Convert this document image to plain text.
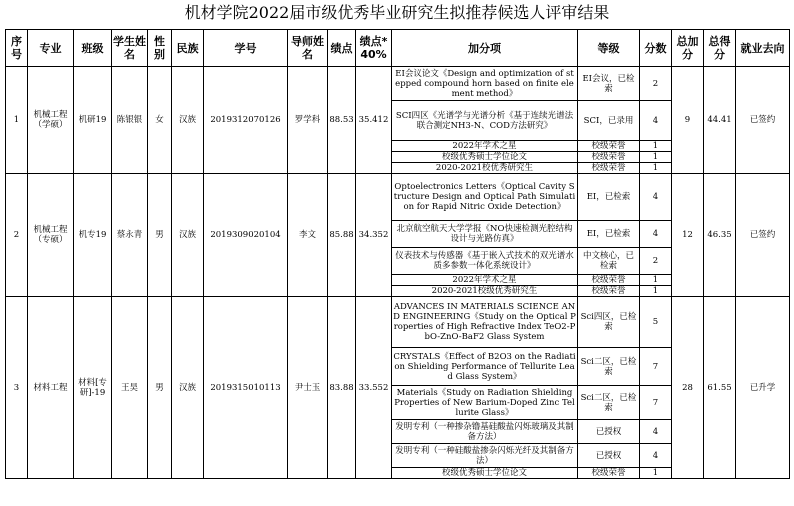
机材学院2022届市级优秀毕业研究生拟推荐候选人评审结果
序号	专业	班级	学生姓名	性别	民族	学号	导师姓名	绩点	绩点*40%	加分项	等级	分数	总加分	总得分	就业去向
1	机械工程（学硕）	机研19	陈银银	女	汉族	2019312070126	罗学科	88.53	35.412	EI会议论文《Design and optimization of stepped compound horn based on finite element method》	EI会议，已检索	2	9	44.41	已签约
										SCI四区《光谱学与光谱分析《基于连续光谱法联合测定NH3-N、COD方法研究》	SCI，已录用	4			
										2022年学术之星	校级荣誉	1			
										校级优秀硕士学位论文	校级荣誉	1			
										2020-2021校优秀研究生	校级荣誉	1			
2	机械工程（专硕）	机专19	蔡永青	男	汉族	2019309020104	李文	85.88	34.352	Optoelectronics Letters《Optical Cavity Structure Design and Optical Path Simulation for Rapid Nitric Oxide Detection》	EI，已检索	4	12	46.35	已签约
										北京航空航天大学学报《NO快速检测光腔结构设计与光路仿真》	EI，已检索	4			
										仪表技术与传感器《基于嵌入式技术的双光谱水质多参数一体化系统设计》	中文核心，已检索	2			
										2022年学术之星	校级荣誉	1			
										2020-2021校级优秀研究生	校级荣誉	1			
3	材料工程	材料[专研]-19	王昊	男	汉族	2019315010113	尹士玉	83.88	33.552	ADVANCES IN MATERIALS SCIENCE AND ENGINEERING《Study on the Optical Properties of High Refractive Index TeO2-PbO-ZnO-BaF2 Glass System	Sci四区，已检索	5	28	61.55	已升学
										CRYSTALS《Effect of B2O3 on the Radiation Shielding Performance of Tellurite Lead Glass System》	Sci二区，已检索	7			
										Materials《Study on Radiation Shielding Properties of New Barium-Doped Zinc Tellurite Glass》	Sci二区，已检索	7			
										发明专利（一种掺杂镥基硅酸盐闪烁玻璃及其制备方法）	已授权	4			
										发明专利（一种硅酸盐掺杂闪烁光纤及其制备方法）	已授权	4			
										校级优秀硕士学位论文	校级荣誉	1			
